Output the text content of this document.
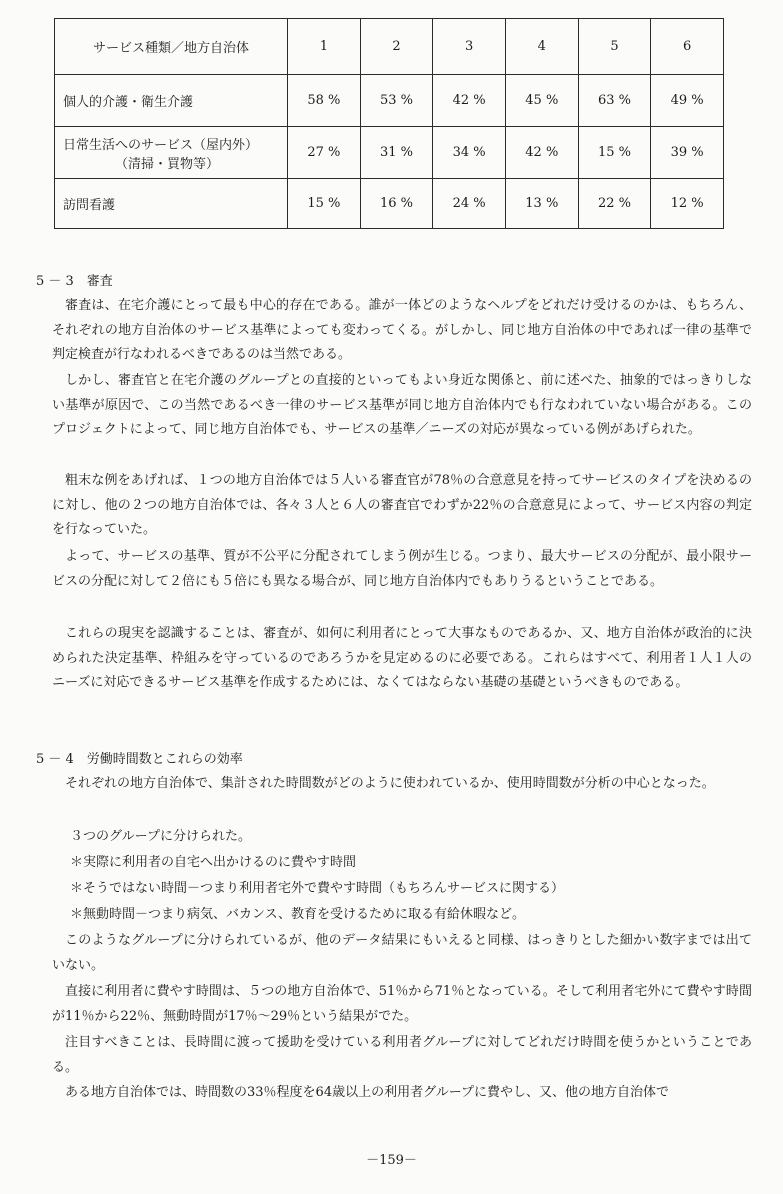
サービス種類／地方自治体	1	2	3	4	5	6
個人的介護・衛生介護	58 %	53 %	42 %	45 %	63 %	49 %
日常生活へのサービス（屋内外）
（清掃・買物等）	27 %	31 %	34 %	42 %	15 %	39 %
訪問看護	15 %	16 %	24 %	13 %	22 %	12 %
5 － 3　審査

審査は、在宅介護にとって最も中心的存在である。誰が一体どのようなヘルプをどれだけ受けるのかは、もちろん、それぞれの地方自治体のサービス基準によっても変わってくる。がしかし、同じ地方自治体の中であれば一律の基準で判定検査が行なわれるべきであるのは当然である。

しかし、審査官と在宅介護のグループとの直接的といってもよい身近な関係と、前に述べた、抽象的ではっきりしない基準が原因で、この当然であるべき一律のサービス基準が同じ地方自治体内でも行なわれていない場合がある。このプロジェクトによって、同じ地方自治体でも、サービスの基準／ニーズの対応が異なっている例があげられた。

粗末な例をあげれば、１つの地方自治体では５人いる審査官が78％の合意意見を持ってサービスのタイプを決めるのに対し、他の２つの地方自治体では、各々３人と６人の審査官でわずか22％の合意意見によって、サービス内容の判定を行なっていた。

よって、サービスの基準、質が不公平に分配されてしまう例が生じる。つまり、最大サービスの分配が、最小限サービスの分配に対して２倍にも５倍にも異なる場合が、同じ地方自治体内でもありうるということである。

これらの現実を認識することは、審査が、如何に利用者にとって大事なものであるか、又、地方自治体が政治的に決められた決定基準、枠組みを守っているのであろうかを見定めるのに必要である。これらはすべて、利用者１人１人のニーズに対応できるサービス基準を作成するためには、なくてはならない基礎の基礎というべきものである。

5 － 4　労働時間数とこれらの効率

それぞれの地方自治体で、集計された時間数がどのように使われているか、使用時間数が分析の中心となった。

３つのグループに分けられた。
＊実際に利用者の自宅へ出かけるのに費やす時間
＊そうではない時間－つまり利用者宅外で費やす時間（もちろんサービスに関する）
＊無動時間－つまり病気、バカンス、教育を受けるために取る有給休暇など。

このようなグループに分けられているが、他のデータ結果にもいえると同様、はっきりとした細かい数字までは出ていない。

直接に利用者に費やす時間は、５つの地方自治体で、51％から71％となっている。そして利用者宅外にて費やす時間が11％から22％、無動時間が17％～29％という結果がでた。

注目すべきことは、長時間に渡って援助を受けている利用者グループに対してどれだけ時間を使うかということである。

ある地方自治体では、時間数の33％程度を64歳以上の利用者グループに費やし、又、他の地方自治体で

－159－
